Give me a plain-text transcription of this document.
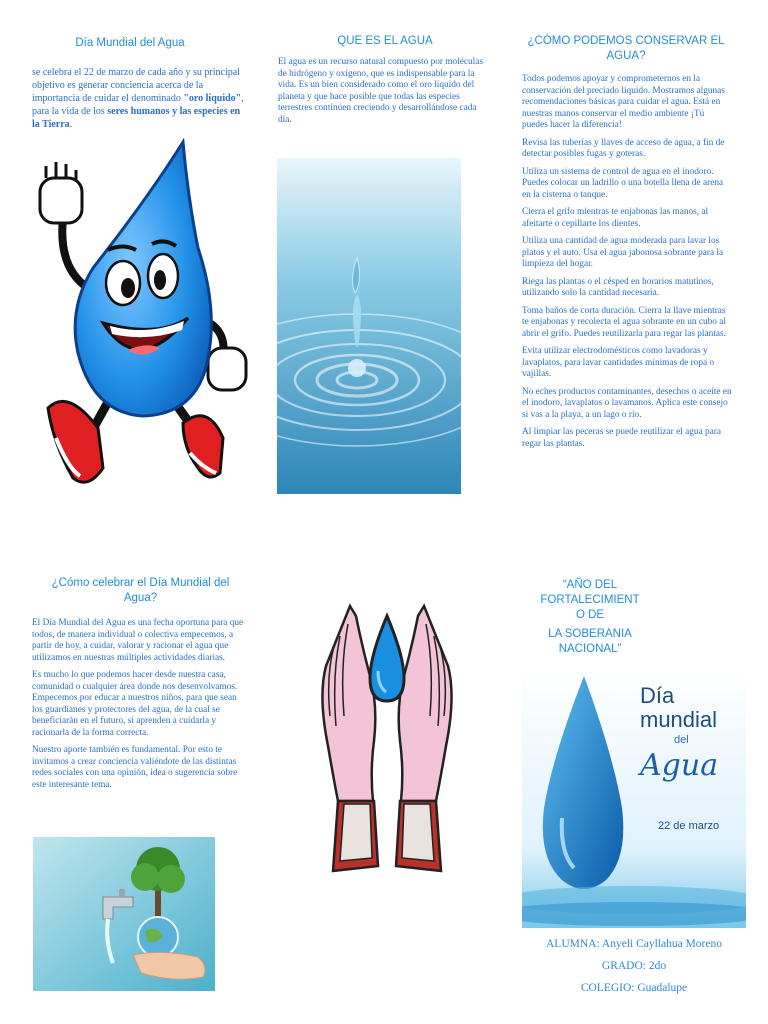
Día Mundial del Agua
se celebra el 22 de marzo de cada año y su principal objetivo es generar conciencia acerca de la importancia de cuidar el denominado "oro líquido", para la vida de los seres humanos y las especies en la Tierra.
QUE ES EL AGUA
El agua es un recurso natural compuesto por moléculas de hidrógeno y oxígeno, que es indispensable para la vida. Es un bien considerado como el oro líquido del planeta y que hace posible que todas las especies terrestres continúen creciendo y desarrollándose cada día.
¿CÓMO PODEMOS CONSERVAR EL AGUA?

Todos podemos apoyar y comprometernos en la conservación del preciado líquido. Mostramos algunas recomendaciones básicas para cuidar el agua. Está en nuestras manos conservar el medio ambiente ¡Tú puedes hacer la diferencia!

Revisa las tuberías y llaves de acceso de agua, a fin de detectar posibles fugas y goteras.

Utiliza un sistema de control de agua en el inodoro. Puedes colocar un ladrillo o una botella llena de arena en la cisterna o tanque.

Cierra el grifo mientras te enjabonas las manos, al afeitarte o cepillarte los dientes.

Utiliza una cantidad de agua moderada para lavar los platos y el auto. Usa el agua jabonosa sobrante para la limpieza del hogar.

Riega las plantas o el césped en horarios matutinos, utilizando solo la cantidad necesaria.

Toma baños de corta duración. Cierra la llave mientras te enjabonas y recolecta el agua sobrante en un cubo al abrir el grifo. Puedes reutilizarla para regar las plantas.

Evita utilizar electrodomésticos como lavadoras y lavaplatos, para lavar cantidades mínimas de ropa o vajillas.

No eches productos contaminantes, desechos o aceite en el inodoro, lavaplatos o lavamanos. Aplica este consejo si vas a la playa, a un lago o río.

Al limpiar las peceras se puede reutilizar el agua para regar las plantas.

¿Cómo celebrar el Día Mundial del Agua?

El Día Mundial del Agua es una fecha oportuna para que todos, de manera individual o colectiva empecemos, a partir de hoy, a cuidar, valorar y racionar el agua que utilizamos en nuestras múltiples actividades diarias.

Es mucho lo que podemos hacer desde nuestra casa, comunidad o cualquier área donde nos desenvolvamos. Empecemos por educar a nuestros niños, para que sean los guardianes y protectores del agua, de la cual se beneficiarán en el futuro, si aprenden a cuidarla y racionarla de la forma correcta.

Nuestro aporte también es fundamental. Por esto te invitamos a crear conciencia valiéndote de las distintas redes sociales con una opinión, idea o sugerencia sobre este interesante tema.

“AÑO DEL
FORTALECIMIENT
O DE
LA SOBERANIA
NACIONAL”
Día mundial
del
Agua
22 de marzo
ALUMNA: Anyeli Cayllahua Moreno
GRADO: 2do
COLEGIO: Guadalupe
